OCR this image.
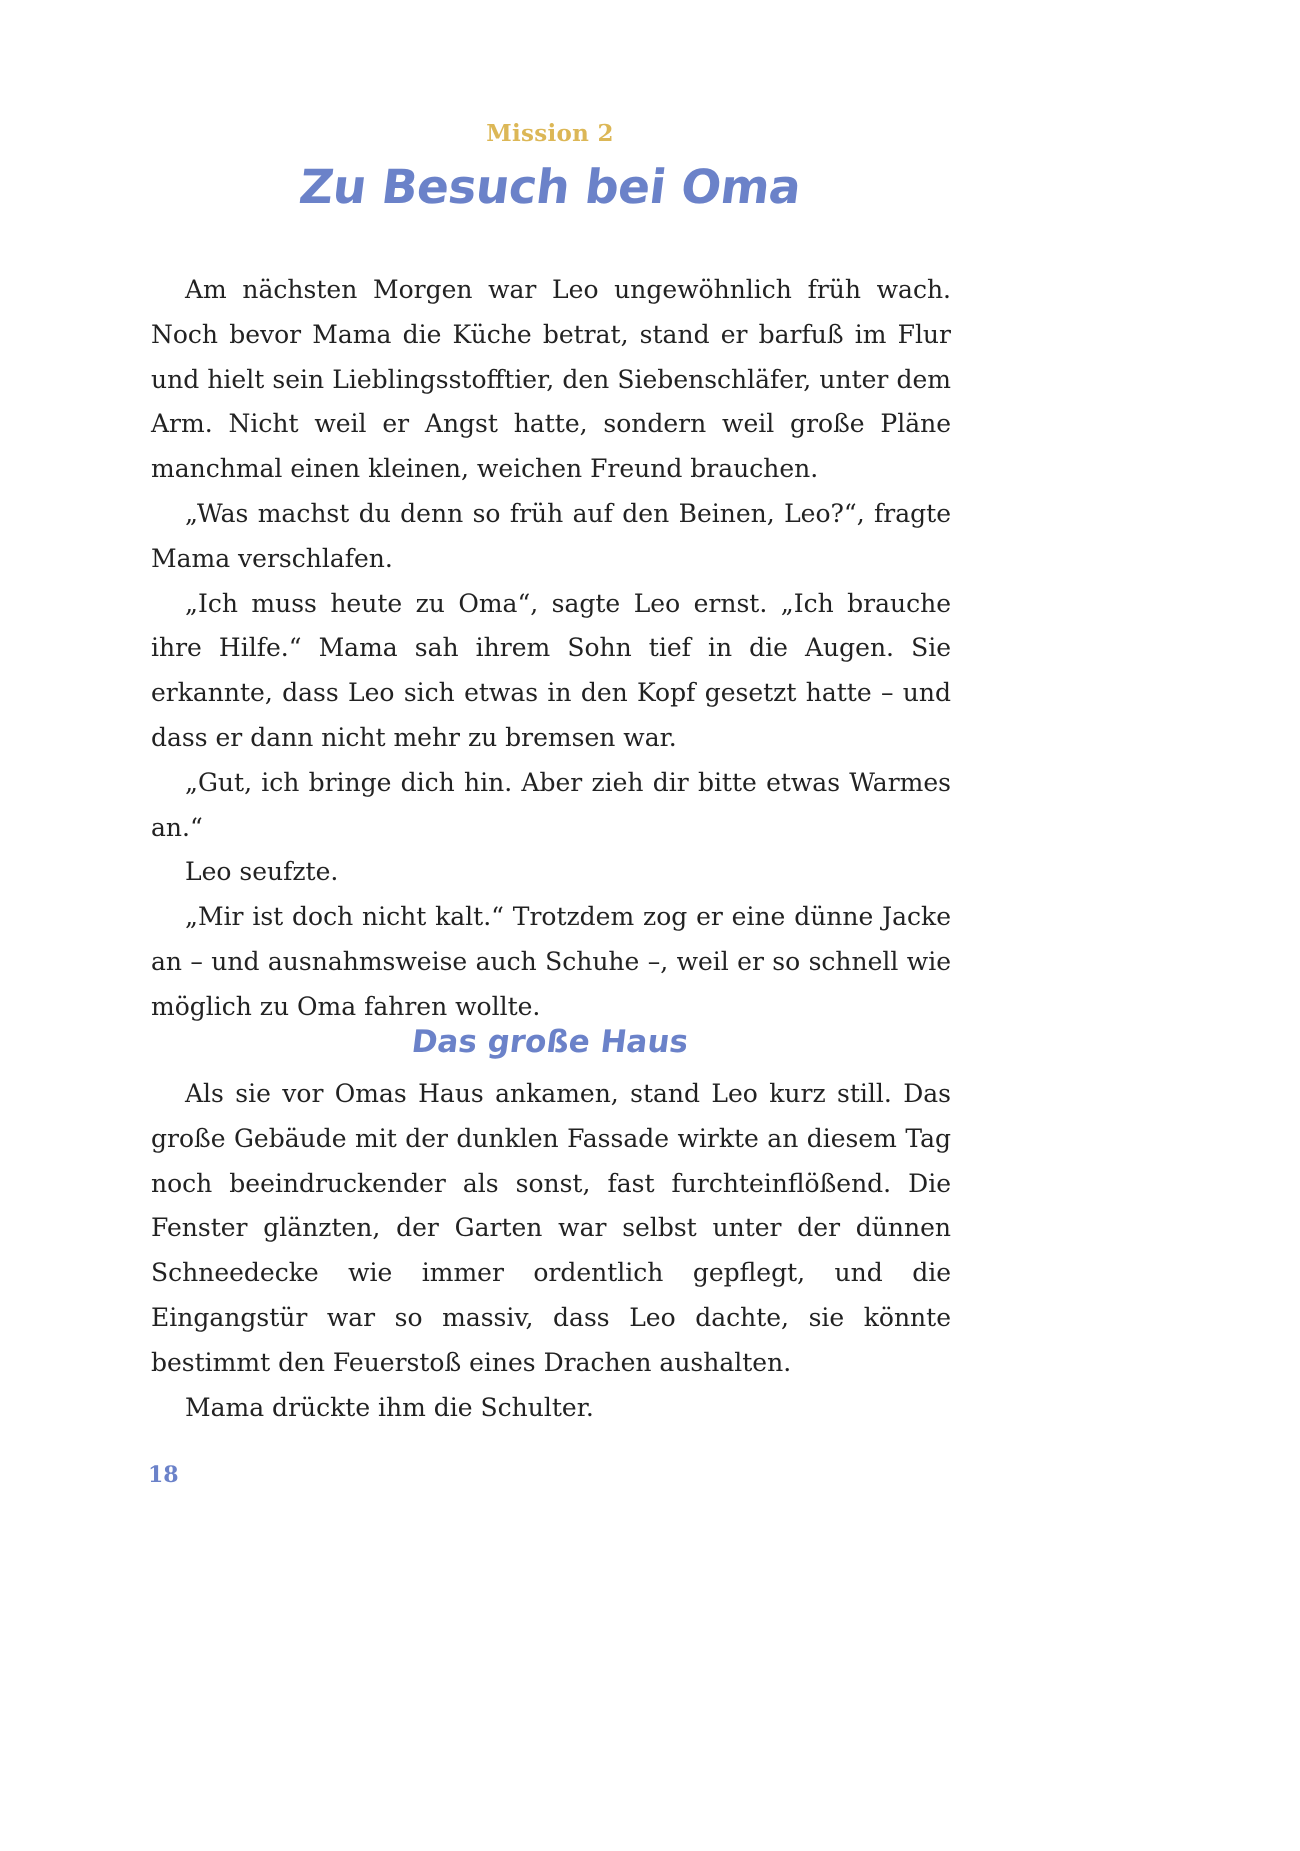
Mission 2
Zu Besuch bei Oma

Am nächsten Morgen war Leo ungewöhnlich früh wach. Noch bevor Mama die Küche betrat, stand er barfuß im Flur und hielt sein Lieblingsstofftier, den Siebenschläfer, unter dem Arm. Nicht weil er Angst hatte, sondern weil große Pläne manchmal einen kleinen, weichen Freund brauchen.

„Was machst du denn so früh auf den Beinen, Leo?“, fragte Mama verschlafen.

„Ich muss heute zu Oma“, sagte Leo ernst. „Ich brauche ihre Hilfe.“ Mama sah ihrem Sohn tief in die Augen. Sie erkannte, dass Leo sich etwas in den Kopf gesetzt hatte – und dass er dann nicht mehr zu bremsen war.

„Gut, ich bringe dich hin. Aber zieh dir bitte etwas Warmes an.“

Leo seufzte.

„Mir ist doch nicht kalt.“ Trotzdem zog er eine dünne Jacke an – und ausnahmsweise auch Schuhe –, weil er so schnell wie möglich zu Oma fahren wollte.

Das große Haus

Als sie vor Omas Haus ankamen, stand Leo kurz still. Das große Gebäude mit der dunklen Fassade wirkte an diesem Tag noch beeindruckender als sonst, fast furchteinflößend. Die Fenster glänzten, der Garten war selbst unter der dünnen Schneedecke wie immer ordentlich gepflegt, und die Eingangstür war so massiv, dass Leo dachte, sie könnte bestimmt den Feuerstoß eines Drachen aushalten.

Mama drückte ihm die Schulter.

18
